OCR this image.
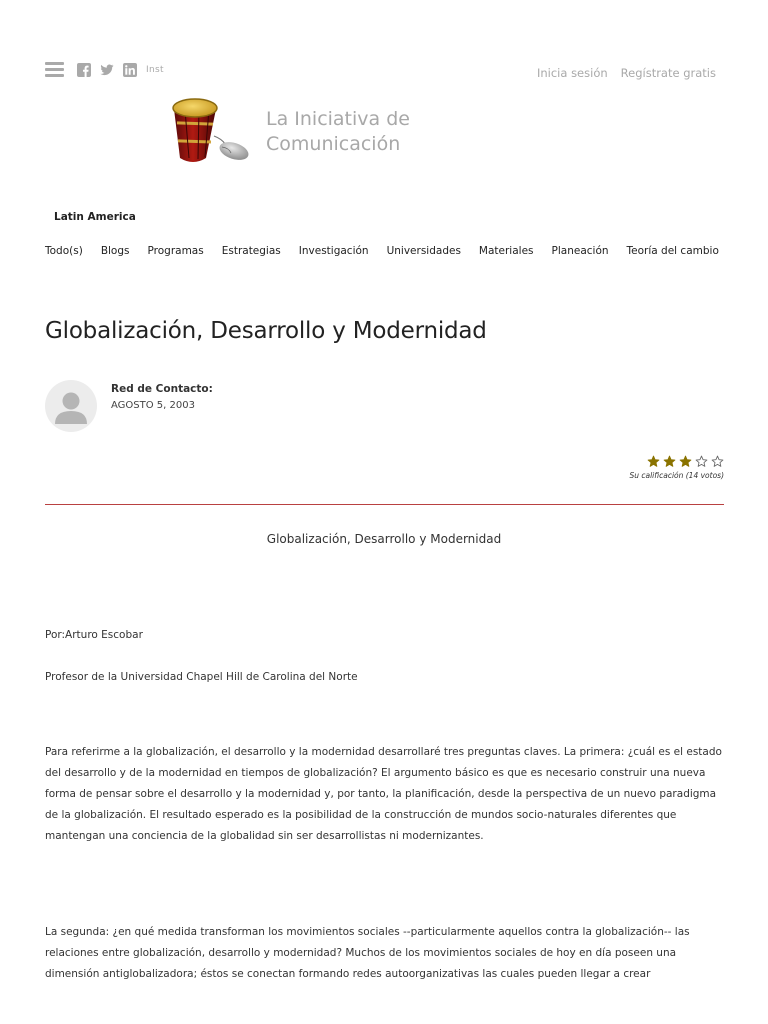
Inst	Inicia sesión Regístrate gratis
La Iniciativa de
Comunicación
Latin America
Todo(s) Blogs Programas Estrategias Investigación Universidades Materiales Planeación Teoría del cambio
Globalización, Desarrollo y Modernidad
Red de Contacto:
AGOSTO 5, 2003
Su calificación (14 votos)
Globalización, Desarrollo y Modernidad

Por:Arturo Escobar

Profesor de la Universidad Chapel Hill de Carolina del Norte

Para referirme a la globalización, el desarrollo y la modernidad desarrollaré tres preguntas claves. La primera: ¿cuál es el estado del desarrollo y de la modernidad en tiempos de globalización? El argumento básico es que es necesario construir una nueva forma de pensar sobre el desarrollo y la modernidad y, por tanto, la planificación, desde la perspectiva de un nuevo paradigma de la globalización. El resultado esperado es la posibilidad de la construcción de mundos socio-naturales diferentes que mantengan una conciencia de la globalidad sin ser desarrollistas ni modernizantes.

La segunda: ¿en qué medida transforman los movimientos sociales --particularmente aquellos contra la globalización-- las relaciones entre globalización, desarrollo y modernidad? Muchos de los movimientos sociales de hoy en día poseen una dimensión antiglobalizadora; éstos se conectan formando redes autoorganizativas las cuales pueden llegar a crear
